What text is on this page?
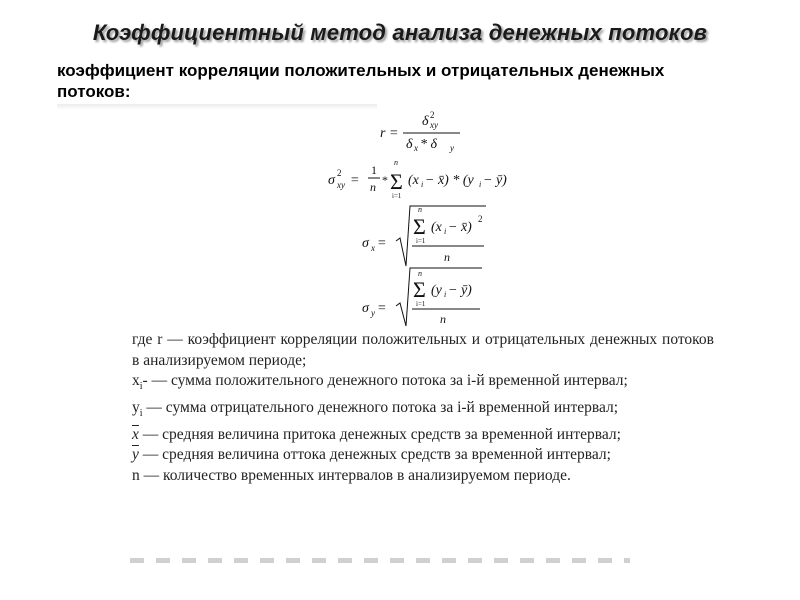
Коэффициентный метод анализа денежных потоков
коэффициент корреляции положительных и отрицательных денежных потоков:
r =
δ 2
xy
δ x * δ y
σ 2
xy =
1
n *
n
Σ
i=1
(x i − x̄) * (y i − ȳ)
σ x =
n
Σ
i=1
(x i − x̄)
2
n
σ y =
n
Σ
i=1
(y i − ȳ)
n

где r — коэффициент корреляции положительных и отрицательных денежных потоков в анализируемом периоде;

$x_i-$ — сумма положительного денежного потока за i-й временной интервал;

$y_i$ — сумма отрицательного денежного потока за i-й временной интервал;

$\overline{x}$ — средняя величина притока денежных средств за временной интервал;

$\overline{y}$ — средняя величина оттока денежных средств за временной интервал;

n — количество временных интервалов в анализируемом периоде.
